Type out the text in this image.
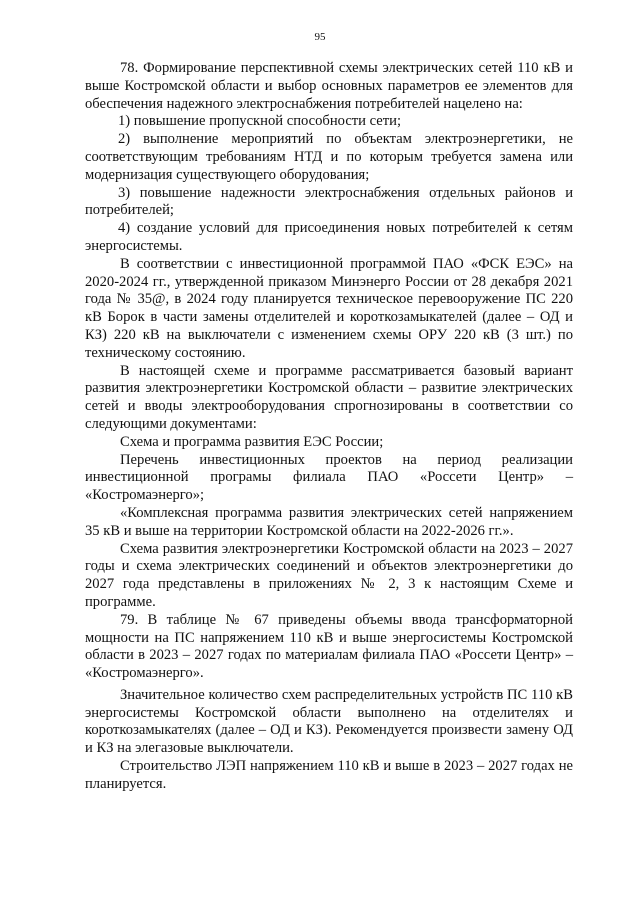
95

78. Формирование перспективной схемы электрических сетей 110 кВ и выше Костромской области и выбор основных параметров ее элементов для обеспечения надежного электроснабжения потребителей нацелено на:

1) повышение пропускной способности сети;

2) выполнение мероприятий по объектам электроэнергетики, не соответствующим требованиям НТД и по которым требуется замена или модернизация существующего оборудования;

3) повышение надежности электроснабжения отдельных районов и потребителей;

4) создание условий для присоединения новых потребителей к сетям энергосистемы.

В соответствии с инвестиционной программой ПАО «ФСК ЕЭС» на 2020-2024 гг., утвержденной приказом Минэнерго России от 28 декабря 2021 года № 35@, в 2024 году планируется техническое перевооружение ПС 220 кВ Борок в части замены отделителей и короткозамыкателей (далее – ОД и КЗ) 220 кВ на выключатели с изменением схемы ОРУ 220 кВ (3 шт.) по техническому состоянию.

В настоящей схеме и программе рассматривается базовый вариант развития электроэнергетики Костромской области – развитие электрических сетей и вводы электрооборудования спрогнозированы в соответствии со следующими документами:

Схема и программа развития ЕЭС России;

Перечень инвестиционных проектов на период реализации инвестиционной програмы филиала ПАО «Россети Центр» – «Костромаэнерго»;

«Комплексная программа развития электрических сетей напряжением 35 кВ и выше на территории Костромской области на 2022-2026 гг.».

Схема развития электроэнергетики Костромской области на 2023 – 2027 годы и схема электрических соединений и объектов электроэнергетики до 2027 года представлены в приложениях № 2, 3 к настоящим Схеме и программе.

79. В таблице № 67 приведены объемы ввода трансформаторной мощности на ПС напряжением 110 кВ и выше энергосистемы Костромской области в 2023 – 2027 годах по материалам филиала ПАО «Россети Центр» – «Костромаэнерго».

Значительное количество схем распределительных устройств ПС 110 кВ энергосистемы Костромской области выполнено на отделителях и короткозамыкателях (далее – ОД и КЗ). Рекомендуется произвести замену ОД и КЗ на элегазовые выключатели.

Строительство ЛЭП напряжением 110 кВ и выше в 2023 – 2027 годах не планируется.
